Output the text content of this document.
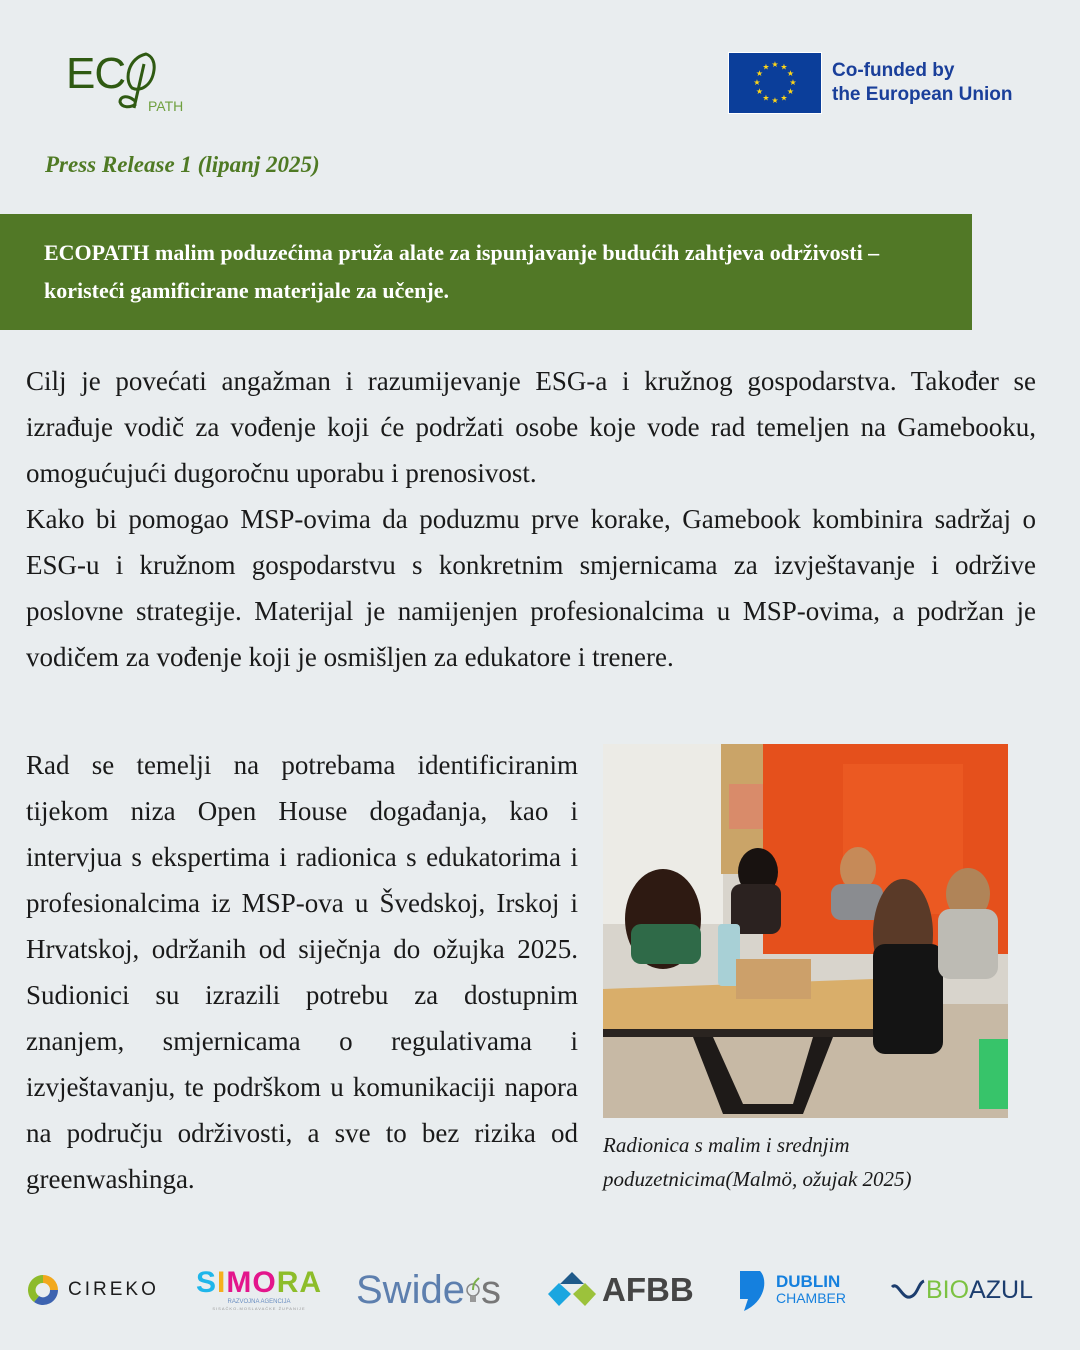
EC
PATH
★ ★
★
★
★
★
★
★
★
★
★
★	Co-funded by
the European Union
Press Release 1 (lipanj 2025)
ECOPATH malim poduzećima pruža alate za ispunjavanje budućih zahtjeva održivosti – koristeći gamificirane materijale za učenje.
Cilj je povećati angažman i razumijevanje ESG-a i kružnog gospodarstva. Također se izrađuje vodič za vođenje koji će podržati osobe koje vode rad temeljen na Gamebooku, omogućujući dugoročnu uporabu i prenosivost.
Kako bi pomogao MSP-ovima da poduzmu prve korake, Gamebook kombinira sadržaj o ESG-u i kružnom gospodarstvu s konkretnim smjernicama za izvještavanje i održive poslovne strategije. Materijal je namijenjen profesionalcima u MSP-ovima, a podržan je vodičem za vođenje koji je osmišljen za edukatore i trenere.
Rad se temelji na potrebama identificiranim tijekom niza Open House događanja, kao i intervjua s ekspertima i radionica s edukatorima i profesionalcima iz MSP-ova u Švedskoj, Irskoj i Hrvatskoj, održanih od siječnja do ožujka 2025. Sudionici su izrazili potrebu za dostupnim znanjem, smjernicama o regulativama i izvještavanju, te podrškom u komunikaciji napora na području održivosti, a sve to bez rizika od greenwashinga.
Radionica s malim i srednjim
poduzetnicima(Malmö, ožujak 2025)
CIREKO SIMORA
RAZVOJNA AGENCIJA
SISAČKO-MOSLAVAČKE ŽUPANIJE Swide s	AFBB	DUBLIN
CHAMBER	BIO AZUL
